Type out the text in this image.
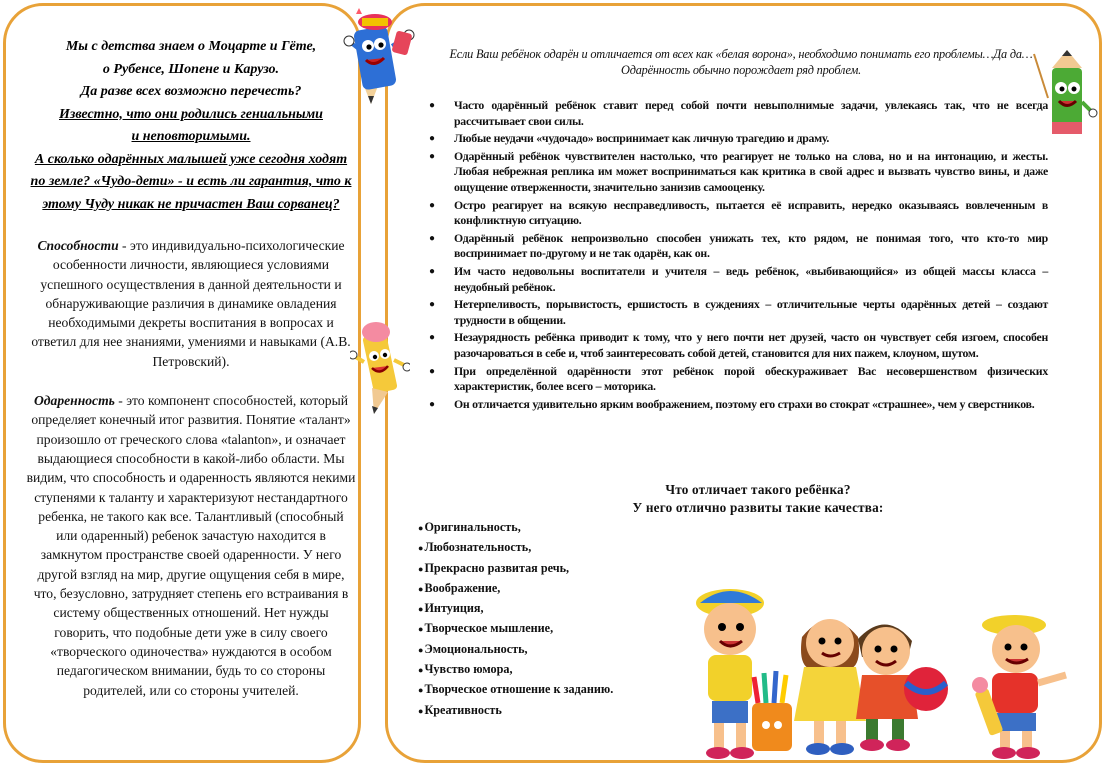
Мы с детства знаем о Моцарте и Гёте,
о Рубенсе, Шопене и Карузо.
Да разве всех возможно перечесть?
Известно, что они родились гениальными
и неповторимыми.
А сколько одарённых малышей уже сегодня ходят по земле? «Чудо-дети» - и есть ли гарантия, что к этому Чуду никак не причастен Ваш сорванец?

Способности - это индивидуально-психологические особенности личности, являющиеся условиями успешного осуществления в данной деятельности и обнаруживающие различия в динамике овладения необходимыми декреты воспитания в вопросах и ответил для нее знаниями, умениями и навыками (А.В. Петровский).

Одаренность - это компонент способностей, который определяет конечный итог развития. Понятие «талант» произошло от греческого слова «talanton», и означает выдающиеся способности в какой-либо области. Мы видим, что способность и одаренность являются некими ступенями к таланту и характеризуют нестандартного ребенка, не такого как все. Талантливый (способный или одаренный) ребенок зачастую находится в замкнутом пространстве своей одаренности. У него другой взгляд на мир, другие ощущения себя в мире, что, безусловно, затрудняет степень его встраивания в систему общественных отношений. Нет нужды говорить, что подобные дети уже в силу своего «творческого одиночества» нуждаются в особом педагогическом внимании, будь то со стороны родителей, или со стороны учителей.

Если Ваш ребёнок одарён и отличается от всех как «белая ворона», необходимо понимать его проблемы…Да да…Одарённость обычно порождает ряд проблем.
● Часто одарённый ребёнок ставит перед собой почти невыполнимые задачи, увлекаясь так, что не всегда рассчитывает свои силы.
● Любые неудачи «чудочадо» воспринимает как личную трагедию и драму.
● Одарённый ребёнок чувствителен настолько, что реагирует не только на слова, но и на интонацию, и жесты. Любая небрежная реплика им может восприниматься как критика в свой адрес и вызвать чувство вины, и даже ощущение отверженности, значительно занизив самооценку.
● Остро реагирует на всякую несправедливость, пытается её исправить, нередко оказываясь вовлеченным в конфликтную ситуацию.
● Одарённый ребёнок непроизвольно способен унижать тех, кто рядом, не понимая того, что кто-то мир воспринимает по-другому и не так одарён, как он.
● Им часто недовольны воспитатели и учителя – ведь ребёнок, «выбивающийся» из общей массы класса – неудобный ребёнок.
● Нетерпеливость, порывистость, ершистость в суждениях – отличительные черты одарённых детей – создают трудности в общении.
● Незаурядность ребёнка приводит к тому, что у него почти нет друзей, часто он чувствует себя изгоем, способен разочароваться в себе и, чтоб заинтересовать собой детей, становится для них пажем, клоуном, шутом.
● При определённой одарённости этот ребёнок порой обескураживает Вас несовершенством физических характеристик, более всего – моторика.
● Он отличается удивительно ярким воображением, поэтому его страхи во стократ «страшнее», чем у сверстников.
Что отличает такого ребёнка?
У него отлично развиты такие качества:
● Оригинальность,
● Любознательность,
● Прекрасно развитая речь,
● Воображение,
● Интуиция,
● Творческое мышление,
● Эмоциональность,
● Чувство юмора,
● Творческое отношение к заданию.
● Креативность
